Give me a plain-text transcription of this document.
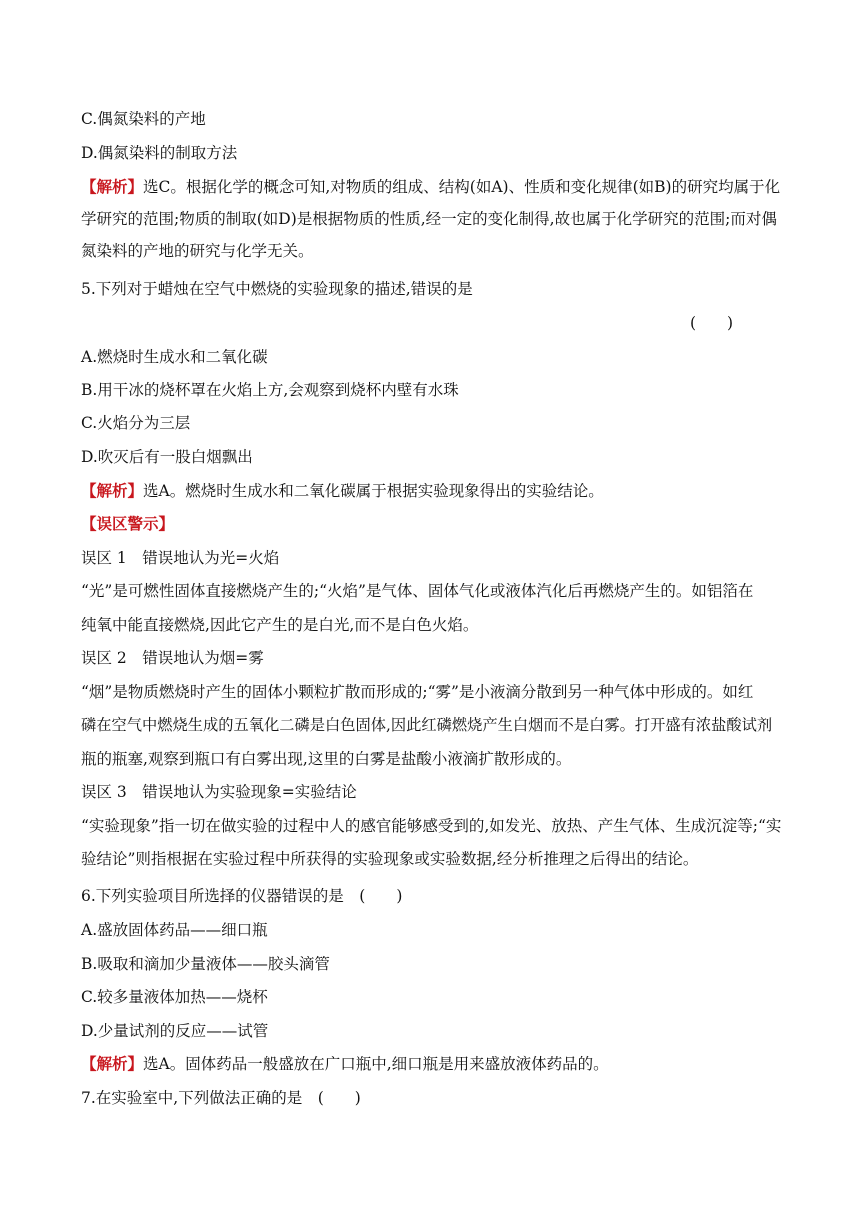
C.偶氮染料的产地
D.偶氮染料的制取方法
【解析】选C。根据化学的概念可知,对物质的组成、结构(如A)、性质和变化规律(如B)的研究均属于化
学研究的范围;物质的制取(如D)是根据物质的性质,经一定的变化制得,故也属于化学研究的范围;而对偶
氮染料的产地的研究与化学无关。
5.下列对于蜡烛在空气中燃烧的实验现象的描述,错误的是
(　　)
A.燃烧时生成水和二氧化碳
B.用干冰的烧杯罩在火焰上方,会观察到烧杯内壁有水珠
C.火焰分为三层
D.吹灭后有一股白烟飘出
【解析】选A。燃烧时生成水和二氧化碳属于根据实验现象得出的实验结论。
【误区警示】
误区 1　错误地认为光=火焰
“光”是可燃性固体直接燃烧产生的;“火焰”是气体、固体气化或液体汽化后再燃烧产生的。如铝箔在
纯氧中能直接燃烧,因此它产生的是白光,而不是白色火焰。
误区 2　错误地认为烟=雾
“烟”是物质燃烧时产生的固体小颗粒扩散而形成的;“雾”是小液滴分散到另一种气体中形成的。如红
磷在空气中燃烧生成的五氧化二磷是白色固体,因此红磷燃烧产生白烟而不是白雾。打开盛有浓盐酸试剂
瓶的瓶塞,观察到瓶口有白雾出现,这里的白雾是盐酸小液滴扩散形成的。
误区 3　错误地认为实验现象=实验结论
“实验现象”指一切在做实验的过程中人的感官能够感受到的,如发光、放热、产生气体、生成沉淀等;“实
验结论”则指根据在实验过程中所获得的实验现象或实验数据,经分析推理之后得出的结论。
6.下列实验项目所选择的仪器错误的是　(　　)
A.盛放固体药品——细口瓶
B.吸取和滴加少量液体——胶头滴管
C.较多量液体加热——烧杯
D.少量试剂的反应——试管
【解析】选A。固体药品一般盛放在广口瓶中,细口瓶是用来盛放液体药品的。
7.在实验室中,下列做法正确的是　(　　)
